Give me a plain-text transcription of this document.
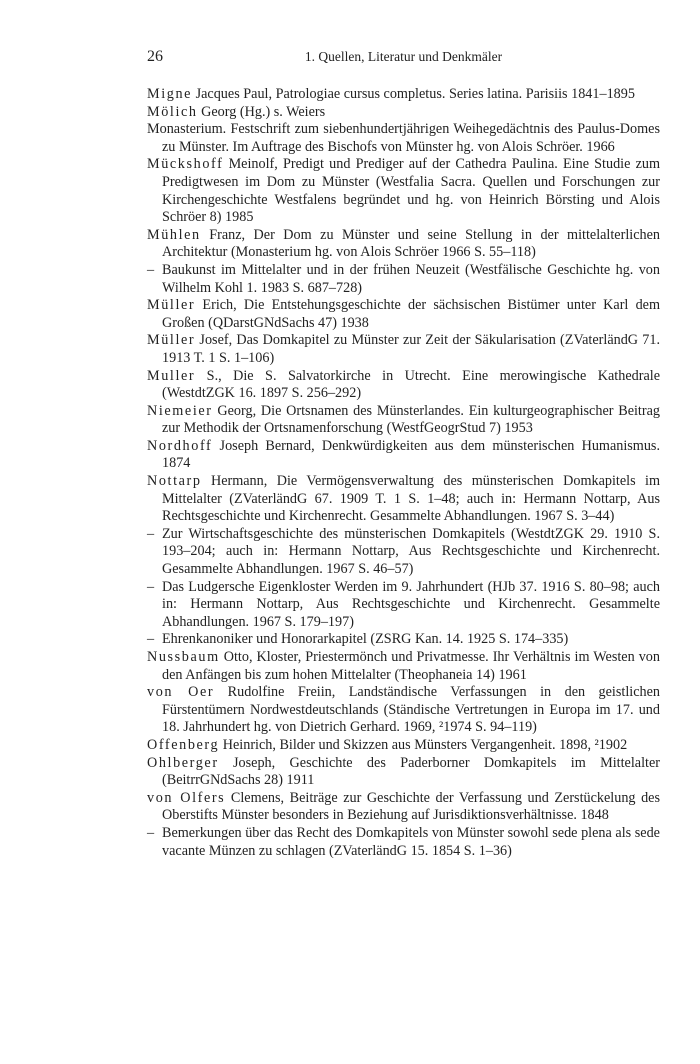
26	1. Quellen, Literatur und Denkmäler

Migne Jacques Paul, Patrologiae cursus completus. Series latina. Parisiis 1841–1895

Mölich Georg (Hg.) s. Weiers

Monasterium. Festschrift zum siebenhundertjährigen Weihegedächtnis des Paulus-Domes zu Münster. Im Auftrage des Bischofs von Münster hg. von Alois Schröer. 1966

Mückshoff Meinolf, Predigt und Prediger auf der Cathedra Paulina. Eine Studie zum Predigtwesen im Dom zu Münster (Westfalia Sacra. Quellen und Forschungen zur Kirchengeschichte Westfalens begründet und hg. von Heinrich Börsting und Alois Schröer 8) 1985

Mühlen Franz, Der Dom zu Münster und seine Stellung in der mittelalterlichen Architektur (Monasterium hg. von Alois Schröer 1966 S. 55–118)

– Baukunst im Mittelalter und in der frühen Neuzeit (Westfälische Geschichte hg. von Wilhelm Kohl 1. 1983 S. 687–728)

Müller Erich, Die Entstehungsgeschichte der sächsischen Bistümer unter Karl dem Großen (QDarstGNdSachs 47) 1938

Müller Josef, Das Domkapitel zu Münster zur Zeit der Säkularisation (ZVaterländG 71. 1913 T. 1 S. 1–106)

Muller S., Die S. Salvatorkirche in Utrecht. Eine merowingische Kathedrale (WestdtZGK 16. 1897 S. 256–292)

Niemeier Georg, Die Ortsnamen des Münsterlandes. Ein kulturgeographischer Beitrag zur Methodik der Ortsnamenforschung (WestfGeogrStud 7) 1953

Nordhoff Joseph Bernard, Denkwürdigkeiten aus dem münsterischen Humanismus. 1874

Nottarp Hermann, Die Vermögensverwaltung des münsterischen Domkapitels im Mittelalter (ZVaterländG 67. 1909 T. 1 S. 1–48; auch in: Hermann Nottarp, Aus Rechtsgeschichte und Kirchenrecht. Gesammelte Abhandlungen. 1967 S. 3–44)

– Zur Wirtschaftsgeschichte des münsterischen Domkapitels (WestdtZGK 29. 1910 S. 193–204; auch in: Hermann Nottarp, Aus Rechtsgeschichte und Kirchenrecht. Gesammelte Abhandlungen. 1967 S. 46–57)

– Das Ludgersche Eigenkloster Werden im 9. Jahrhundert (HJb 37. 1916 S. 80–98; auch in: Hermann Nottarp, Aus Rechtsgeschichte und Kirchenrecht. Gesammelte Abhandlungen. 1967 S. 179–197)

– Ehrenkanoniker und Honorarkapitel (ZSRG Kan. 14. 1925 S. 174–335)

Nussbaum Otto, Kloster, Priestermönch und Privatmesse. Ihr Verhältnis im Westen von den Anfängen bis zum hohen Mittelalter (Theophaneia 14) 1961

von Oer Rudolfine Freiin, Landständische Verfassungen in den geistlichen Fürstentümern Nordwestdeutschlands (Ständische Vertretungen in Europa im 17. und 18. Jahrhundert hg. von Dietrich Gerhard. 1969, ²1974 S. 94–119)

Offenberg Heinrich, Bilder und Skizzen aus Münsters Vergangenheit. 1898, ²1902

Ohlberger Joseph, Geschichte des Paderborner Domkapitels im Mittelalter (BeitrrGNdSachs 28) 1911

von Olfers Clemens, Beiträge zur Geschichte der Verfassung und Zerstückelung des Oberstifts Münster besonders in Beziehung auf Jurisdiktionsverhältnisse. 1848

– Bemerkungen über das Recht des Domkapitels von Münster sowohl sede plena als sede vacante Münzen zu schlagen (ZVaterländG 15. 1854 S. 1–36)
